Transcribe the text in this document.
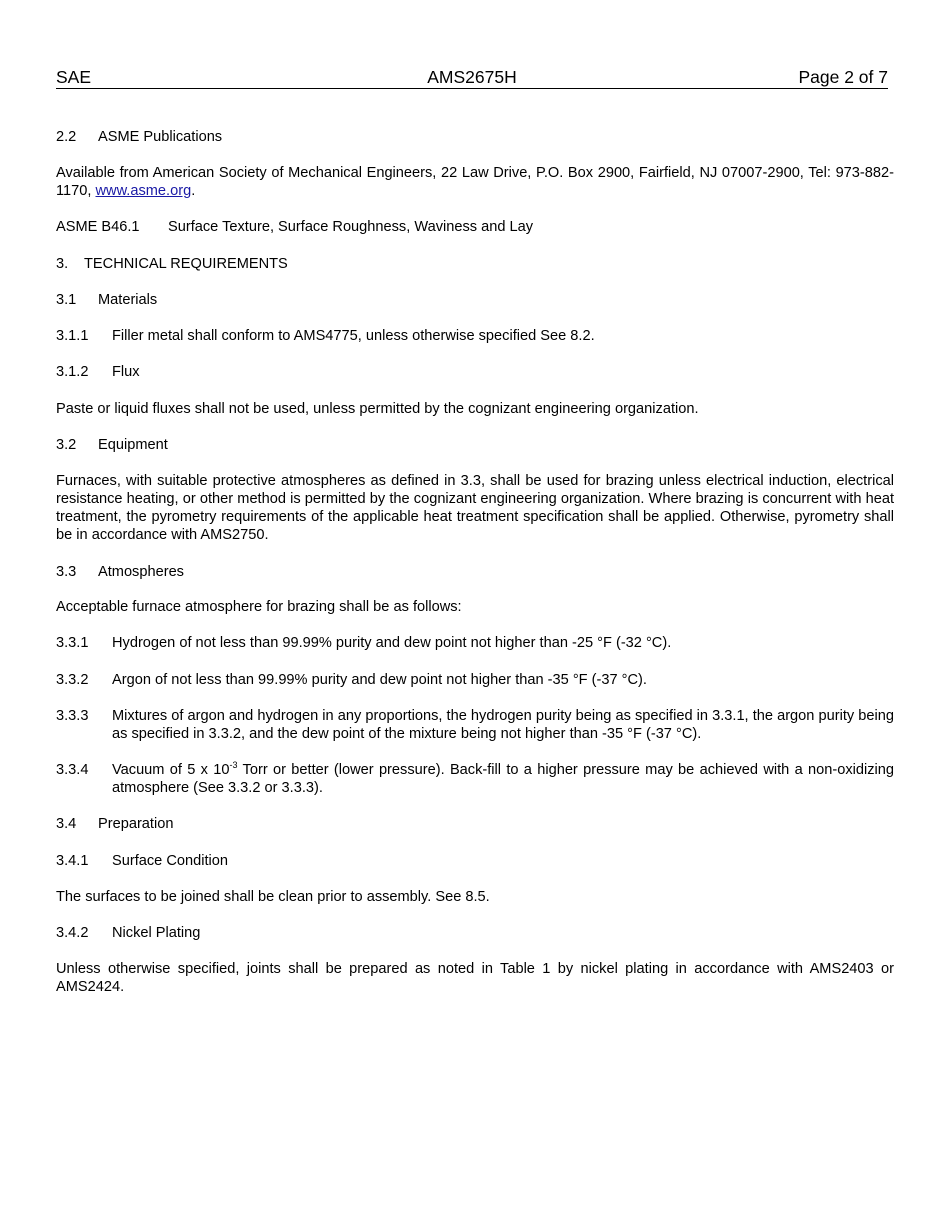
SAE	AMS2675H	Page 2 of 7

2.2 ASME Publications

Available from American Society of Mechanical Engineers, 22 Law Drive, P.O. Box 2900, Fairfield, NJ 07007-2900, Tel: 973-882-1170, www.asme.org.

ASME B46.1 Surface Texture, Surface Roughness, Waviness and Lay

3. TECHNICAL REQUIREMENTS

3.1 Materials

3.1.1 Filler metal shall conform to AMS4775, unless otherwise specified See 8.2.

3.1.2 Flux

Paste or liquid fluxes shall not be used, unless permitted by the cognizant engineering organization.

3.2 Equipment

Furnaces, with suitable protective atmospheres as defined in 3.3, shall be used for brazing unless electrical induction, electrical resistance heating, or other method is permitted by the cognizant engineering organization. Where brazing is concurrent with heat treatment, the pyrometry requirements of the applicable heat treatment specification shall be applied. Otherwise, pyrometry shall be in accordance with AMS2750.

3.3 Atmospheres

Acceptable furnace atmosphere for brazing shall be as follows:

3.3.1 Hydrogen of not less than 99.99% purity and dew point not higher than -25 °F (-32 °C).

3.3.2 Argon of not less than 99.99% purity and dew point not higher than -35 °F (-37 °C).

3.3.3 Mixtures of argon and hydrogen in any proportions, the hydrogen purity being as specified in 3.3.1, the argon purity being as specified in 3.3.2, and the dew point of the mixture being not higher than -35 °F (-37 °C).

3.3.4 Vacuum of 5 x $10^{-3}$ Torr or better (lower pressure). Back-fill to a higher pressure may be achieved with a non-oxidizing atmosphere (See 3.3.2 or 3.3.3).

3.4 Preparation

3.4.1 Surface Condition

The surfaces to be joined shall be clean prior to assembly. See 8.5.

3.4.2 Nickel Plating

Unless otherwise specified, joints shall be prepared as noted in Table 1 by nickel plating in accordance with AMS2403 or AMS2424.
